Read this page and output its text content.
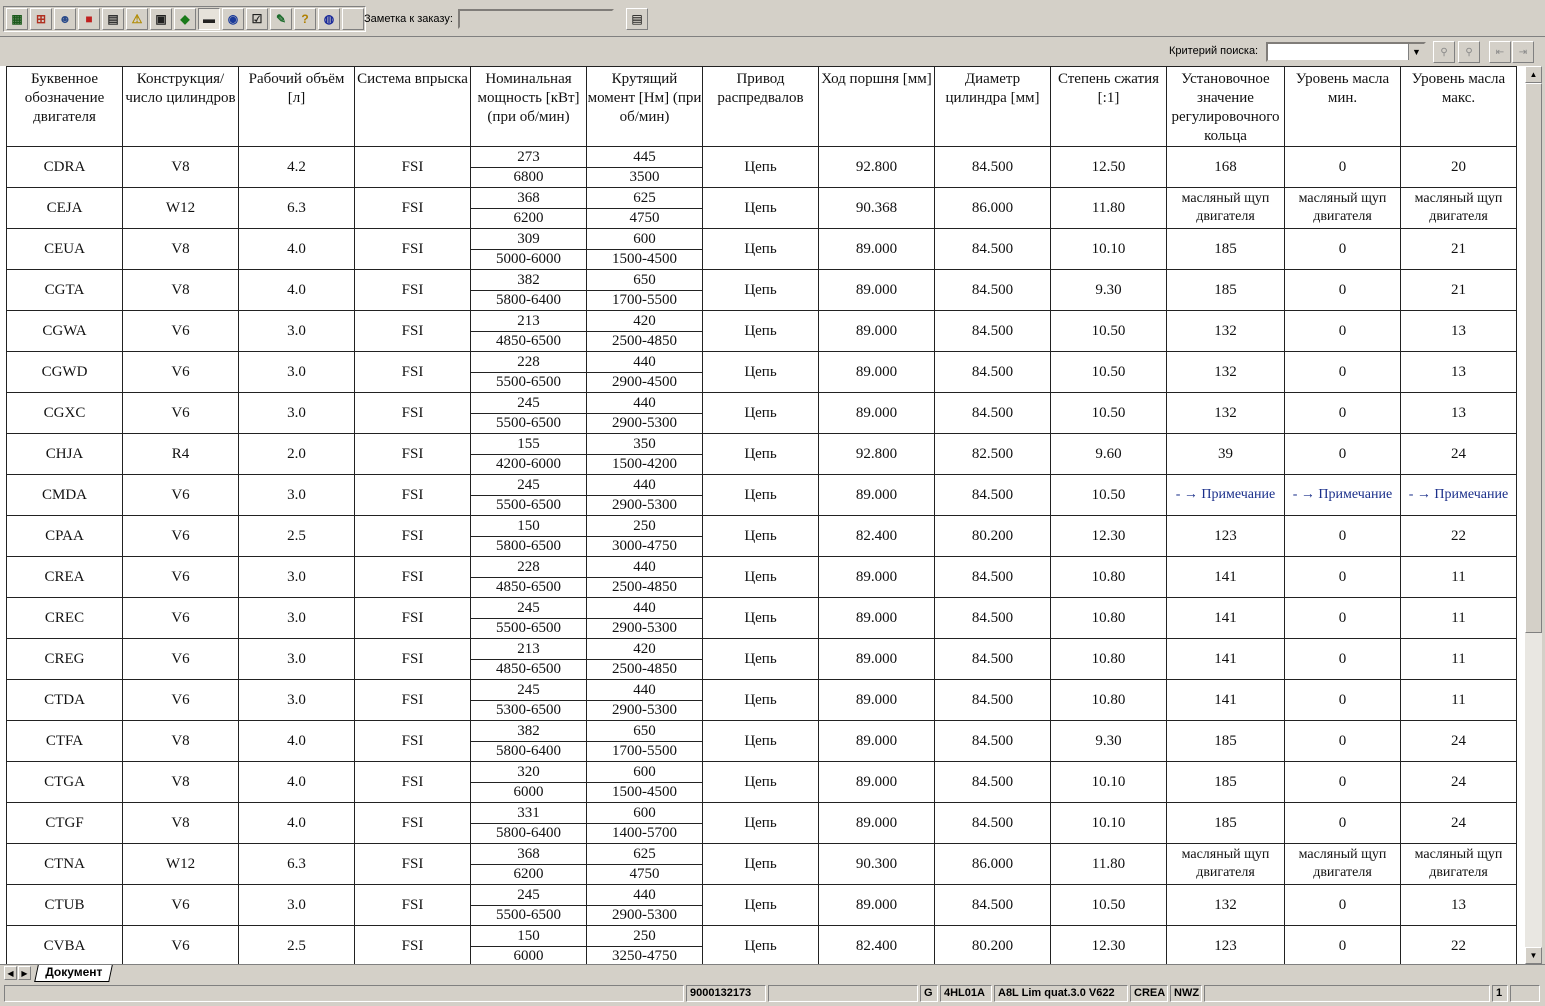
▦ ⊞ ☻ ■ ▤ ⚠ ▣ ◆ ▬ ◉ ☑ ✎ ? ◍	Заметка к заказу:	▤
Критерий поиска:	▼	⚲ ⚲ ⇤ ⇥
Буквенное обозначение двигателя	Конструкция/ число цилиндров	Рабочий объём [л]	Система впрыска	Номинальная мощность [кВт] (при об/мин)	Крутящий момент [Нм] (при об/мин)	Привод распредвалов	Ход поршня [мм]	Диаметр цилиндра [мм]	Степень сжатия [:1]	Установочное значение регулировочного кольца	Уровень масла мин.	Уровень масла макс.
CDRA	V8	4.2	FSI	273
6800	445
3500	Цепь	92.800	84.500	12.50	168	0	20
CEJA	W12	6.3	FSI	368
6200	625
4750	Цепь	90.368	86.000	11.80	масляный щуп двигателя	масляный щуп двигателя	масляный щуп двигателя
CEUA	V8	4.0	FSI	309
5000-6000	600
1500-4500	Цепь	89.000	84.500	10.10	185	0	21
CGTA	V8	4.0	FSI	382
5800-6400	650
1700-5500	Цепь	89.000	84.500	9.30	185	0	21
CGWA	V6	3.0	FSI	213
4850-6500	420
2500-4850	Цепь	89.000	84.500	10.50	132	0	13
CGWD	V6	3.0	FSI	228
5500-6500	440
2900-4500	Цепь	89.000	84.500	10.50	132	0	13
CGXC	V6	3.0	FSI	245
5500-6500	440
2900-5300	Цепь	89.000	84.500	10.50	132	0	13
CHJA	R4	2.0	FSI	155
4200-6000	350
1500-4200	Цепь	92.800	82.500	9.60	39	0	24
CMDA	V6	3.0	FSI	245
5500-6500	440
2900-5300	Цепь	89.000	84.500	10.50	- → Примечание	- → Примечание	- → Примечание
CPAA	V6	2.5	FSI	150
5800-6500	250
3000-4750	Цепь	82.400	80.200	12.30	123	0	22
CREA	V6	3.0	FSI	228
4850-6500	440
2500-4850	Цепь	89.000	84.500	10.80	141	0	11
CREC	V6	3.0	FSI	245
5500-6500	440
2900-5300	Цепь	89.000	84.500	10.80	141	0	11
CREG	V6	3.0	FSI	213
4850-6500	420
2500-4850	Цепь	89.000	84.500	10.80	141	0	11
CTDA	V6	3.0	FSI	245
5300-6500	440
2900-5300	Цепь	89.000	84.500	10.80	141	0	11
CTFA	V8	4.0	FSI	382
5800-6400	650
1700-5500	Цепь	89.000	84.500	9.30	185	0	24
CTGA	V8	4.0	FSI	320
6000	600
1500-4500	Цепь	89.000	84.500	10.10	185	0	24
CTGF	V8	4.0	FSI	331
5800-6400	600
1400-5700	Цепь	89.000	84.500	10.10	185	0	24
CTNA	W12	6.3	FSI	368
6200	625
4750	Цепь	90.300	86.000	11.80	масляный щуп двигателя	масляный щуп двигателя	масляный щуп двигателя
CTUB	V6	3.0	FSI	245
5500-6500	440
2900-5300	Цепь	89.000	84.500	10.50	132	0	13
CVBA	V6	2.5	FSI	150
6000	250
3250-4750	Цепь	82.400	80.200	12.30	123	0	22
▲
▼
◀ ▶	Документ
9000132173	G	4HL01A	A8L Lim quat.3.0 V622	CREA NWZ	1
